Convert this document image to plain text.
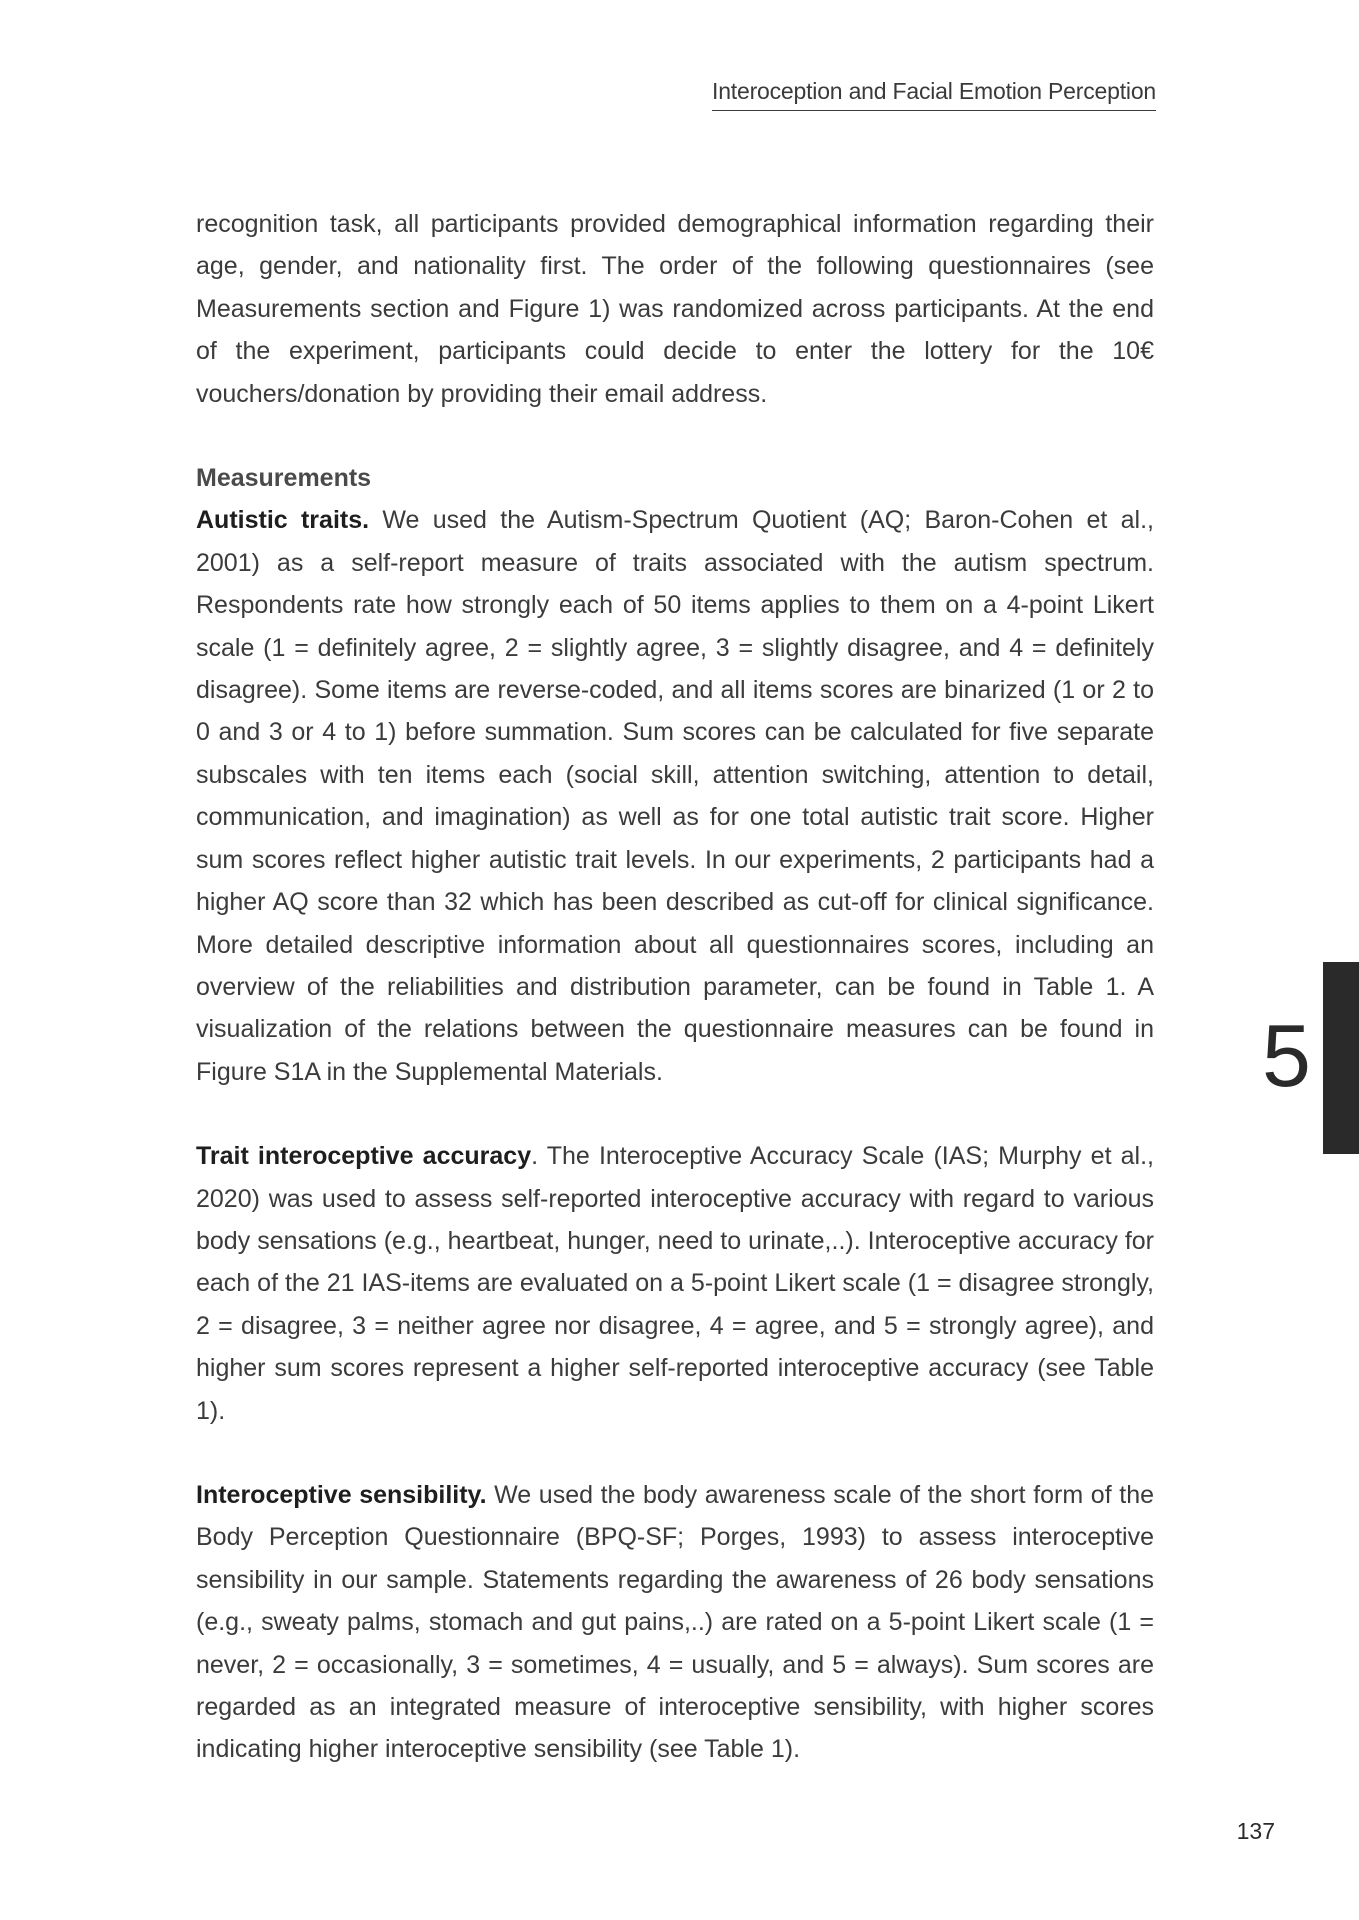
Interoception and Facial Emotion Perception

recognition task, all participants provided demographical information regarding their age, gender, and nationality first. The order of the following questionnaires (see Measurements section and Figure 1) was randomized across participants. At the end of the experiment, participants could decide to enter the lottery for the 10€ vouchers/donation by providing their email address.

Measurements

Autistic traits. We used the Autism-Spectrum Quotient (AQ; Baron-Cohen et al., 2001) as a self-report measure of traits associated with the autism spectrum. Respondents rate how strongly each of 50 items applies to them on a 4-point Likert scale (1 = definitely agree, 2 = slightly agree, 3 = slightly disagree, and 4 = definitely disagree). Some items are reverse-coded, and all items scores are binarized (1 or 2 to 0 and 3 or 4 to 1) before summation. Sum scores can be calculated for five separate subscales with ten items each (social skill, attention switching, attention to detail, communication, and imagination) as well as for one total autistic trait score. Higher sum scores reflect higher autistic trait levels. In our experiments, 2 participants had a higher AQ score than 32 which has been described as cut-off for clinical significance. More detailed descriptive information about all questionnaires scores, including an overview of the reliabilities and distribution parameter, can be found in Table 1. A visualization of the relations between the questionnaire measures can be found in Figure S1A in the Supplemental Materials.

Trait interoceptive accuracy. The Interoceptive Accuracy Scale (IAS; Murphy et al., 2020) was used to assess self-reported interoceptive accuracy with regard to various body sensations (e.g., heartbeat, hunger, need to urinate,..). Interoceptive accuracy for each of the 21 IAS-items are evaluated on a 5-point Likert scale (1 = disagree strongly, 2 = disagree, 3 = neither agree nor disagree, 4 = agree, and 5 = strongly agree), and higher sum scores represent a higher self-reported interoceptive accuracy (see Table 1).

Interoceptive sensibility. We used the body awareness scale of the short form of the Body Perception Questionnaire (BPQ-SF; Porges, 1993) to assess interoceptive sensibility in our sample. Statements regarding the awareness of 26 body sensations (e.g., sweaty palms, stomach and gut pains,..) are rated on a 5-point Likert scale (1 = never, 2 = occasionally, 3 = sometimes, 4 = usually, and 5 = always). Sum scores are regarded as an integrated measure of interoceptive sensibility, with higher scores indicating higher interoceptive sensibility (see Table 1).

5
137
